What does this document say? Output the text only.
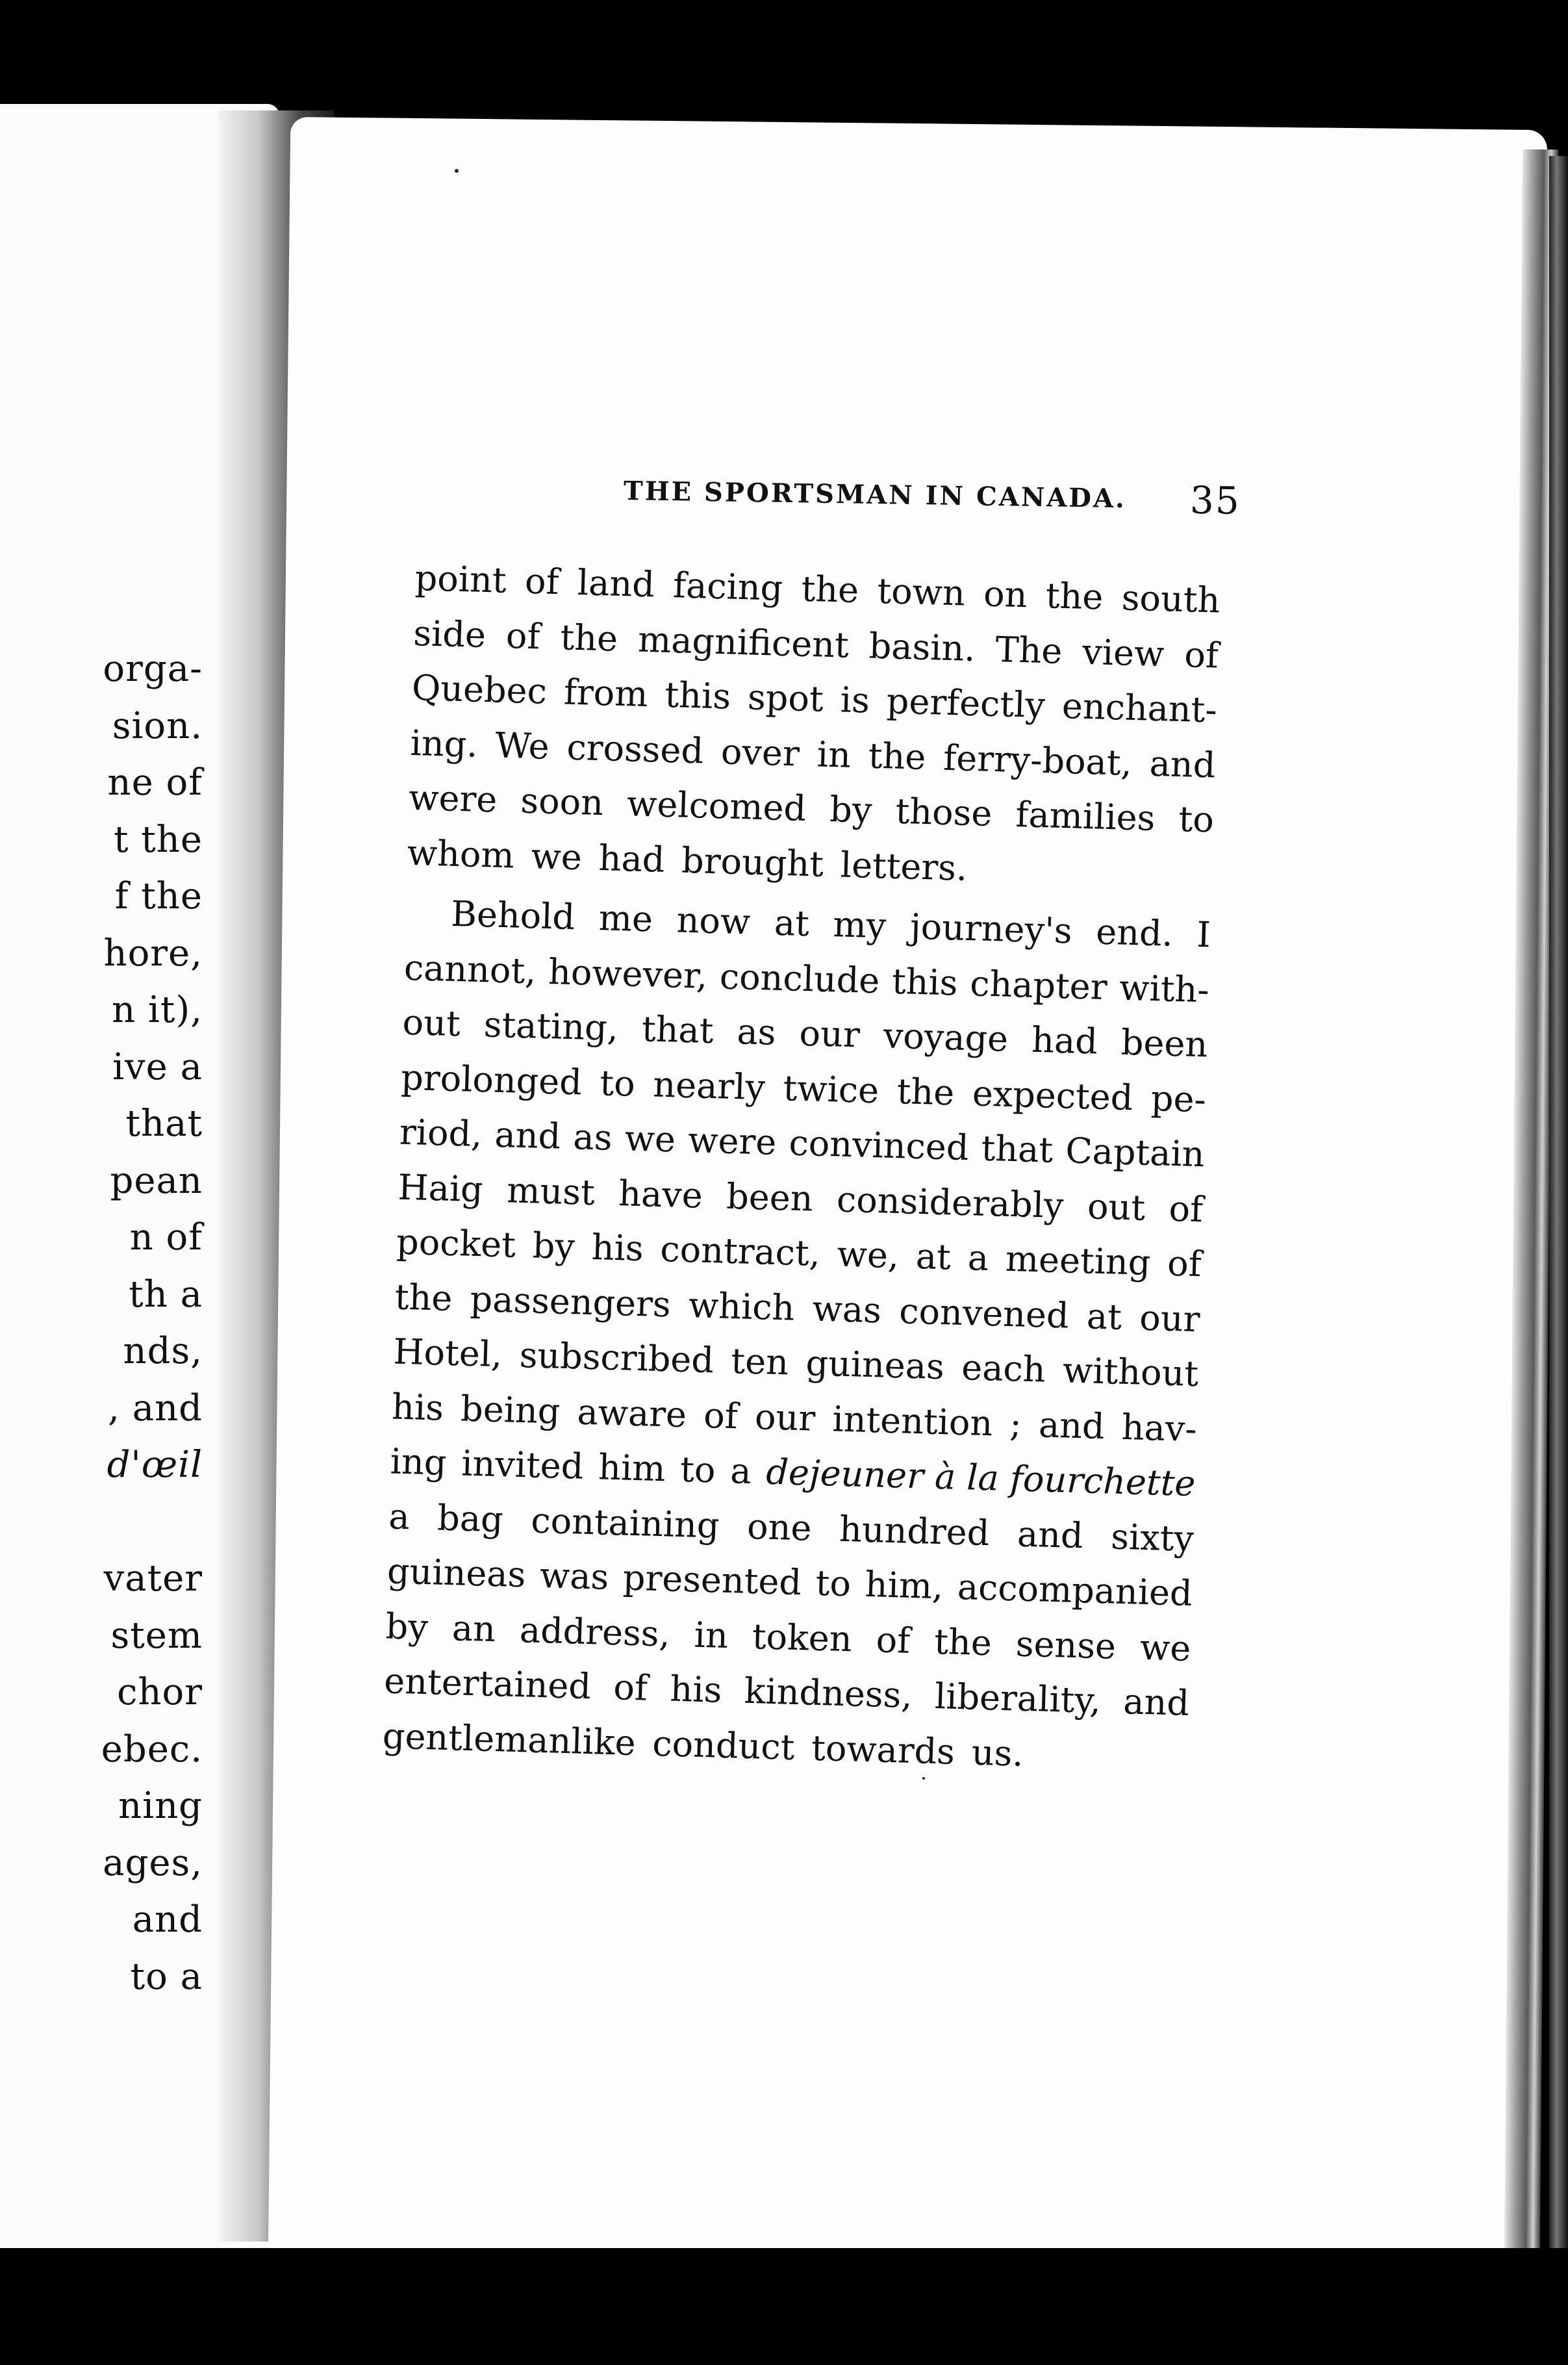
orga-
sion.
ne of
t the
f the
hore,
n it),
ive a
that
pean
n of
th a
nds,
, and
d'œil
vater
stem
chor
ebec.
ning
ages,
and
to a
THE SPORTSMAN IN CANADA. 35
point of land facing the town on the south
side of the magnificent basin. The view of
Quebec from this spot is perfectly enchant-
ing. We crossed over in the ferry-boat, and
were soon welcomed by those families to
whom we had brought letters.
Behold me now at my journey's end. I
cannot, however, conclude this chapter with-
out stating, that as our voyage had been
prolonged to nearly twice the expected pe-
riod, and as we were convinced that Captain
Haig must have been considerably out of
pocket by his contract, we, at a meeting of
the passengers which was convened at our
Hotel, subscribed ten guineas each without
his being aware of our intention ; and hav-
ing invited him to a dejeuner à la fourchette
a bag containing one hundred and sixty
guineas was presented to him, accompanied
by an address, in token of the sense we
entertained of his kindness, liberality, and
gentlemanlike conduct towards us.
